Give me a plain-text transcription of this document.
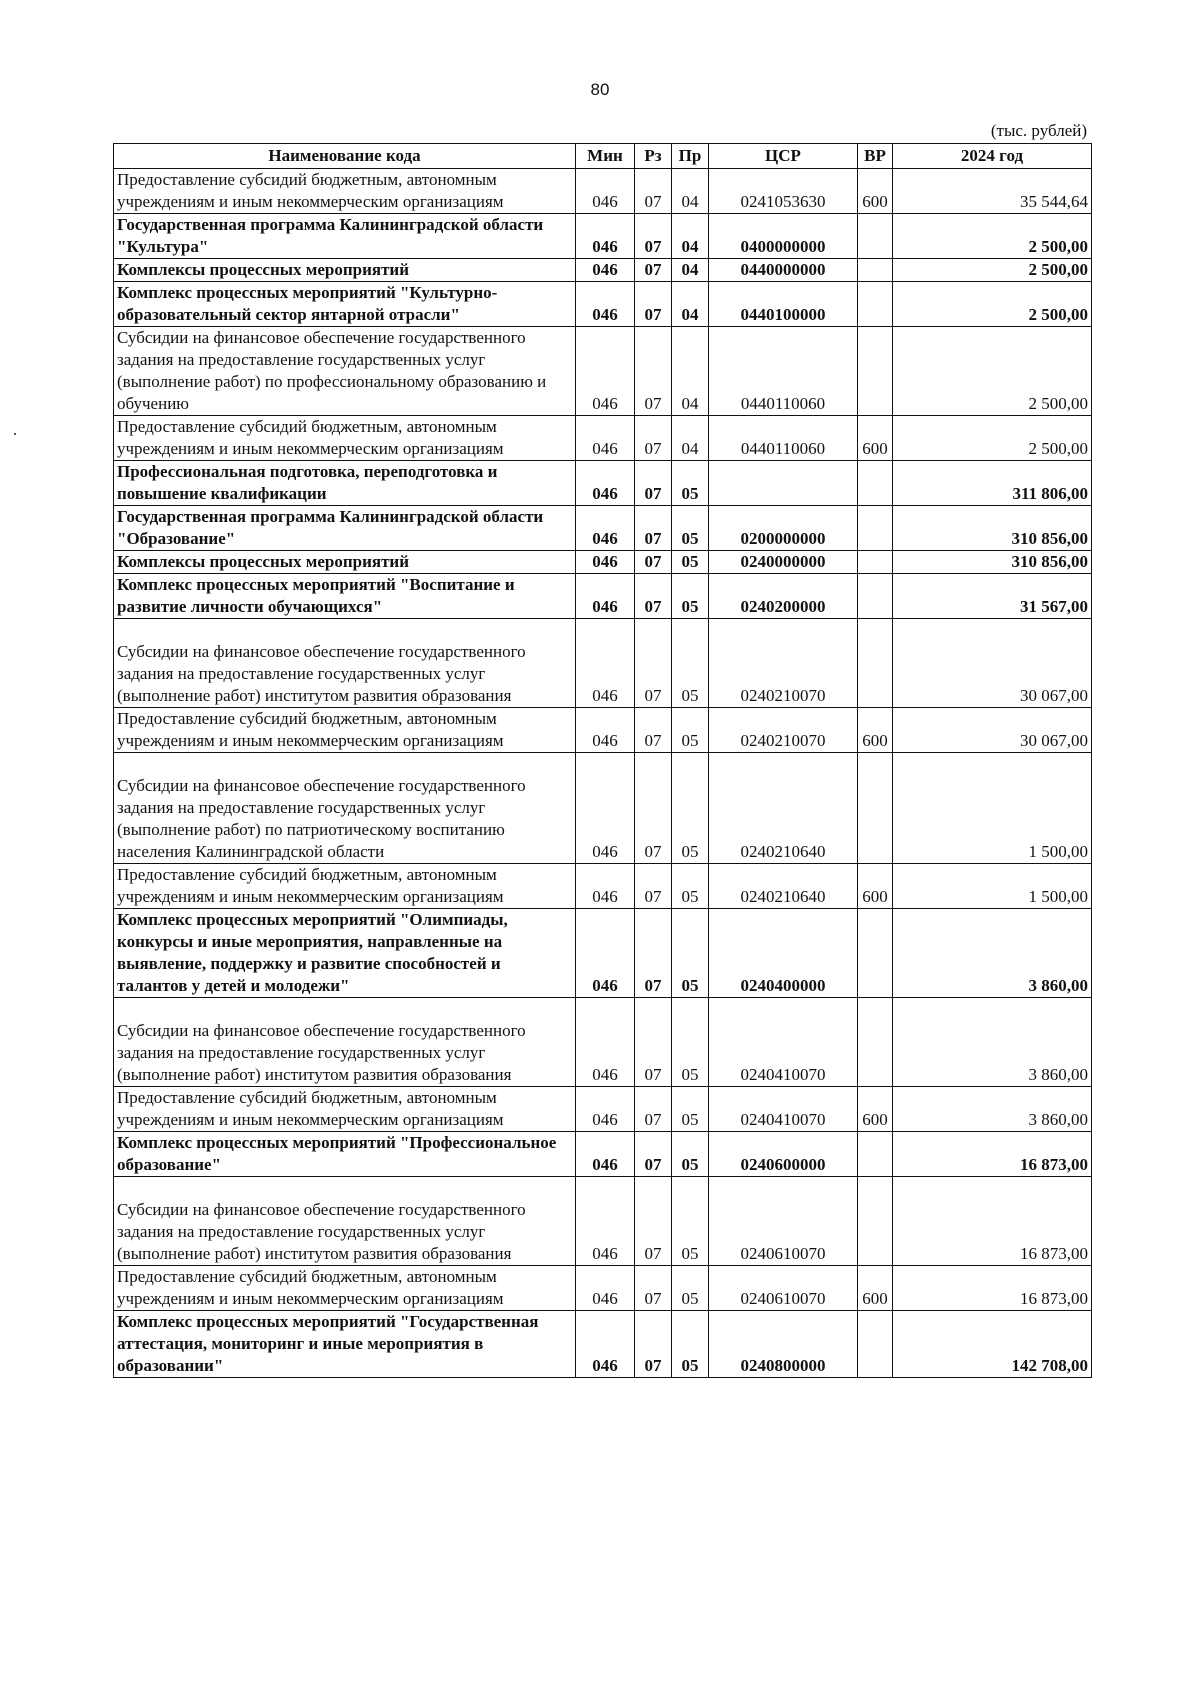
80
(тыс. рублей)
Наименование кода	Мин	Рз	Пр	ЦСР	ВР	2024 год
Предоставление субсидий бюджетным, автономным учреждениям и иным некоммерческим организациям	046	07	04	0241053630	600	35 544,64
Государственная программа Калининградской области "Культура"	046	07	04	0400000000		2 500,00
Комплексы процессных мероприятий	046	07	04	0440000000		2 500,00
Комплекс процессных мероприятий "Культурно-образовательный сектор янтарной отрасли"	046	07	04	0440100000		2 500,00
Субсидии на финансовое обеспечение государственного задания на предоставление государственных услуг (выполнение работ) по профессиональному образованию и обучению	046	07	04	0440110060		2 500,00
Предоставление субсидий бюджетным, автономным учреждениям и иным некоммерческим организациям	046	07	04	0440110060	600	2 500,00
Профессиональная подготовка, переподготовка и повышение квалификации	046	07	05			311 806,00
Государственная программа Калининградской области "Образование"	046	07	05	0200000000		310 856,00
Комплексы процессных мероприятий	046	07	05	0240000000		310 856,00
Комплекс процессных мероприятий "Воспитание и развитие личности обучающихся"	046	07	05	0240200000		31 567,00

Субсидии на финансовое обеспечение государственного задания на предоставление государственных услуг (выполнение работ) институтом развития образования	046	07	05	0240210070		30 067,00
Предоставление субсидий бюджетным, автономным учреждениям и иным некоммерческим организациям	046	07	05	0240210070	600	30 067,00

Субсидии на финансовое обеспечение государственного задания на предоставление государственных услуг (выполнение работ) по патриотическому воспитанию населения Калининградской области	046	07	05	0240210640		1 500,00
Предоставление субсидий бюджетным, автономным учреждениям и иным некоммерческим организациям	046	07	05	0240210640	600	1 500,00
Комплекс процессных мероприятий "Олимпиады, конкурсы и иные мероприятия, направленные на выявление, поддержку и развитие способностей и талантов у детей и молодежи"	046	07	05	0240400000		3 860,00

Субсидии на финансовое обеспечение государственного задания на предоставление государственных услуг (выполнение работ) институтом развития образования	046	07	05	0240410070		3 860,00
Предоставление субсидий бюджетным, автономным учреждениям и иным некоммерческим организациям	046	07	05	0240410070	600	3 860,00
Комплекс процессных мероприятий "Профессиональное образование"	046	07	05	0240600000		16 873,00

Субсидии на финансовое обеспечение государственного задания на предоставление государственных услуг (выполнение работ) институтом развития образования	046	07	05	0240610070		16 873,00
Предоставление субсидий бюджетным, автономным учреждениям и иным некоммерческим организациям	046	07	05	0240610070	600	16 873,00
Комплекс процессных мероприятий "Государственная аттестация, мониторинг и иные мероприятия в образовании"	046	07	05	0240800000		142 708,00
